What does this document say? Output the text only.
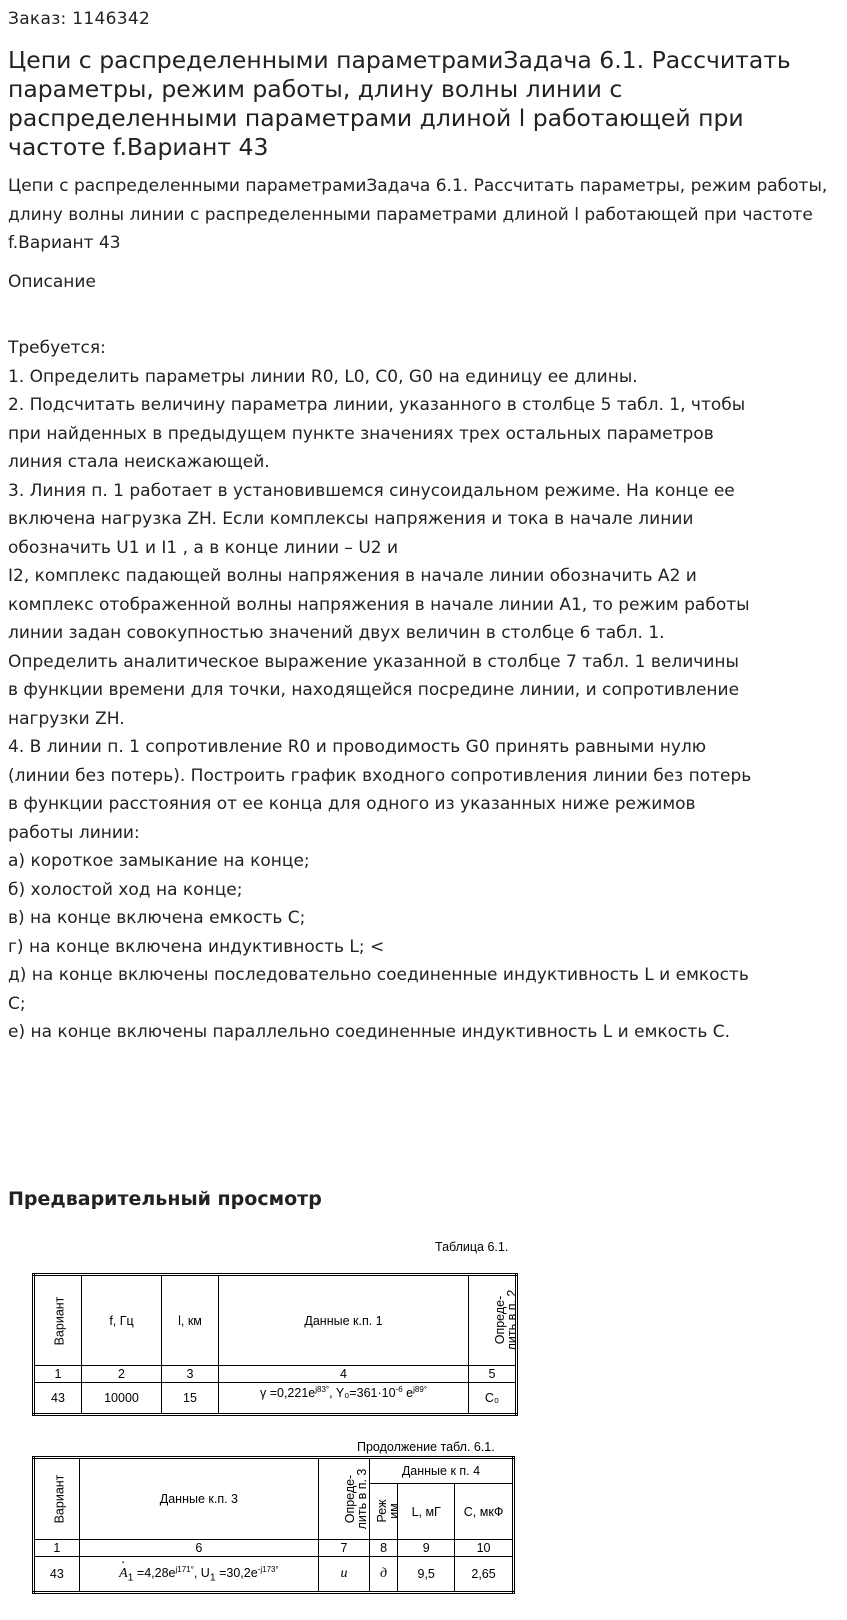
Заказ: 1146342
Цепи с распределенными параметрамиЗадача 6.1. Рассчитать параметры, режим работы, длину волны линии с распределенными параметрами длиной l работающей при частоте f.Вариант 43
Цепи с распределенными параметрамиЗадача 6.1. Рассчитать параметры, режим работы, длину волны линии с распределенными параметрами длиной l работающей при частоте f.Вариант 43
Описание
Требуется:
1. Определить параметры линии R0, L0, C0, G0 на единицу ее длины.
2. Подсчитать величину параметра линии, указанного в столбце 5 табл. 1, чтобы
при найденных в предыдущем пункте значениях трех остальных параметров
линия стала неискажающей.
3. Линия п. 1 работает в установившемся синусоидальном режиме. На конце ее
включена нагрузка ZH. Если комплексы напряжения и тока в начале линии
обозначить U1 и I1 , а в конце линии – U2 и
I2, комплекс падающей волны напряжения в начале линии обозначить A2 и
комплекс отображенной волны напряжения в начале линии A1, то режим работы
линии задан совокупностью значений двух величин в столбце 6 табл. 1.
Определить аналитическое выражение указанной в столбце 7 табл. 1 величины
в функции времени для точки, находящейся посредине линии, и сопротивление
нагрузки ZH.
4. В линии п. 1 сопротивление R0 и проводимость G0 принять равными нулю
(линии без потерь). Построить график входного сопротивления линии без потерь
в функции расстояния от ее конца для одного из указанных ниже режимов
работы линии:
а) короткое замыкание на конце;
б) холостой ход на конце;
в) на конце включена емкость С;
г) на конце включена индуктивность L; <
д) на конце включены последовательно соединенные индуктивность L и емкость
С;
е) на конце включены параллельно соединенные индуктивность L и емкость С.
Предварительный просмотр
Таблица 6.1.
Вариант	f, Гц	l, км	Данные к.п. 1	Опреде-лить в п. 2
1	2	3	4	5
43	10000	15	$\gamma =0,221e^{j83^\circ}$, $Y_0=361\cdot 10^{-6}$ $e^{j89^\circ}$	C₀
Продолжение табл. 6.1.
Вариант	Данные к.п. 3	Опреде-лить в п. 3	Данные к п. 4		
			Реж им	L, мГ	C, мкФ
1	6	7	8	9	10
43	· $A_1 =4,28e^{j171^\circ}$, $U_1 =30,2e^{-j173^\circ}$	u	д	9,5	2,65
